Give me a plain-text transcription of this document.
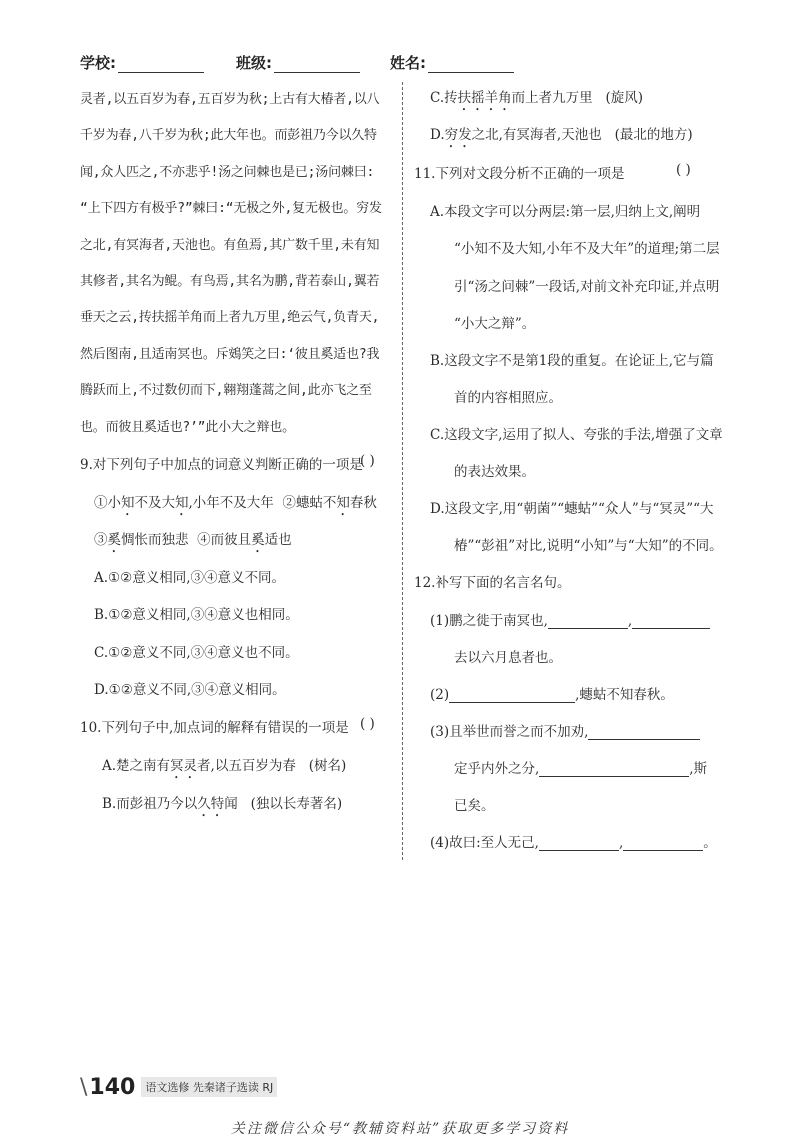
学校:	班级:	姓名:

灵者,以五百岁为春,五百岁为秋;上古有大椿者,以八

千岁为春,八千岁为秋;此大年也。而彭祖乃今以久特

闻,众人匹之,不亦悲乎!汤之问棘也是已;汤问棘曰:

“上下四方有极乎?”棘曰:“无极之外,复无极也。穷发

之北,有冥海者,天池也。有鱼焉,其广数千里,未有知

其修者,其名为鲲。有鸟焉,其名为鹏,背若泰山,翼若

垂天之云,抟扶摇羊角而上者九万里,绝云气,负青天,

然后图南,且适南冥也。斥鴳笑之曰:‘彼且奚适也?我

腾跃而上,不过数仞而下,翱翔蓬蒿之间,此亦飞之至

也。而彼且奚适也?’”此小大之辩也。

9.对下列句子中加点的词意义判断正确的一项是
( )
①小知不及大知,小年不及大年 ②蟪蛄不知春秋
③奚惆怅而独悲 ④而彼且奚适也
A.①②意义相同,③④意义不同。
B.①②意义相同,③④意义也相同。
C.①②意义不同,③④意义也不同。
D.①②意义不同,③④意义相同。
10.下列句子中,加点词的解释有错误的一项是 ( )
A.楚之南有冥灵者,以五百岁为春 (树名)
B.而彭祖乃今以久特闻 (独以长寿著名)
C.抟扶摇羊角而上者九万里 (旋风)
D.穷发之北,有冥海者,天池也 (最北的地方)
11.下列对文段分析不正确的一项是	( )
A.本段文字可以分两层:第一层,归纳上文,阐明
“小知不及大知,小年不及大年”的道理;第二层
引“汤之问棘”一段话,对前文补充印证,并点明
“小大之辩”。
B.这段文字不是第1段的重复。在论证上,它与篇
首的内容相照应。
C.这段文字,运用了拟人、夸张的手法,增强了文章
的表达效果。
D.这段文字,用“朝菌”“蟪蛄”“众人”与“冥灵”“大
椿”“彭祖”对比,说明“小知”与“大知”的不同。
12.补写下面的名言名句。
(1)鹏之徙于南冥也,	,
去以六月息者也。
(2)	,蟪蛄不知春秋。
(3)且举世而誉之而不加劝,
定乎内外之分,	,斯
已矣。
(4)故曰:至人无己,	,	。
\ 140 语文选修 先秦诸子选读 RJ
关注微信公众号“教辅资料站”获取更多学习资料
